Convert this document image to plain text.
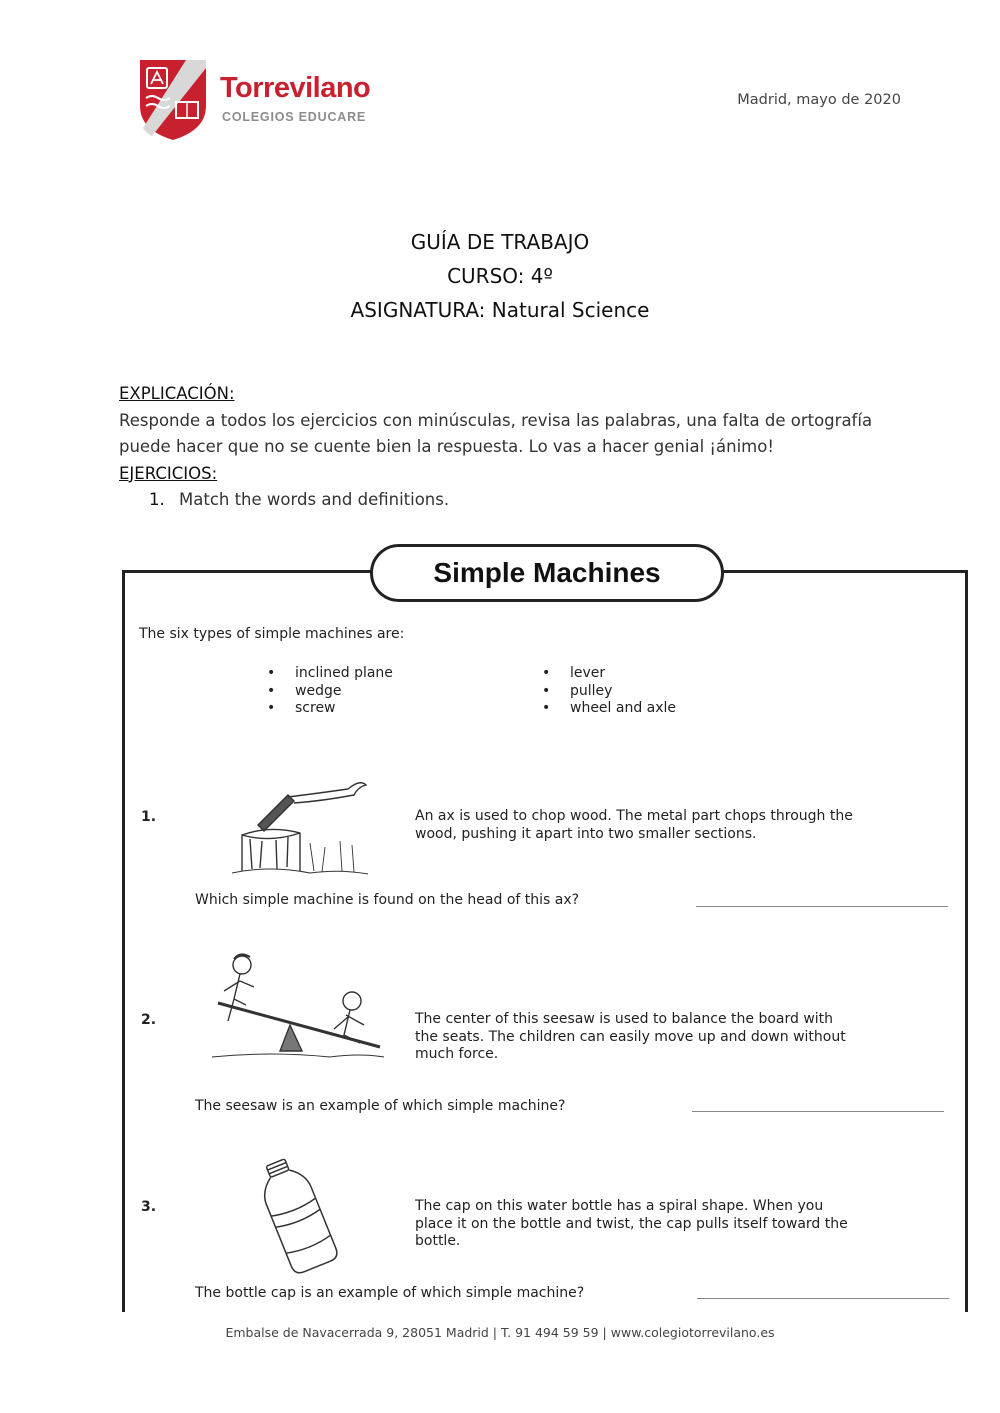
Torrevilano
COLEGIOS EDUCARE
Madrid, mayo de 2020
GUÍA DE TRABAJO
CURSO: 4º
ASIGNATURA: Natural Science
EXPLICACIÓN:
Responde a todos los ejercicios con minúsculas, revisa las palabras, una falta de ortografía puede hacer que no se cuente bien la respuesta. Lo vas a hacer genial ¡ánimo!
EJERCICIOS:
1. Match the words and definitions.
Simple Machines
The six types of simple machines are:
• inclined plane
• wedge
• screw
• lever
• pulley
• wheel and axle
1.	An ax is used to chop wood. The metal part chops through the wood, pushing it apart into two smaller sections.
Which simple machine is found on the head of this ax?
2.	The center of this seesaw is used to balance the board with the seats. The children can easily move up and down without much force.
The seesaw is an example of which simple machine?
3.	The cap on this water bottle has a spiral shape. When you place it on the bottle and twist, the cap pulls itself toward the bottle.
The bottle cap is an example of which simple machine?
Embalse de Navacerrada 9, 28051 Madrid | T. 91 494 59 59 | www.colegiotorrevilano.es
